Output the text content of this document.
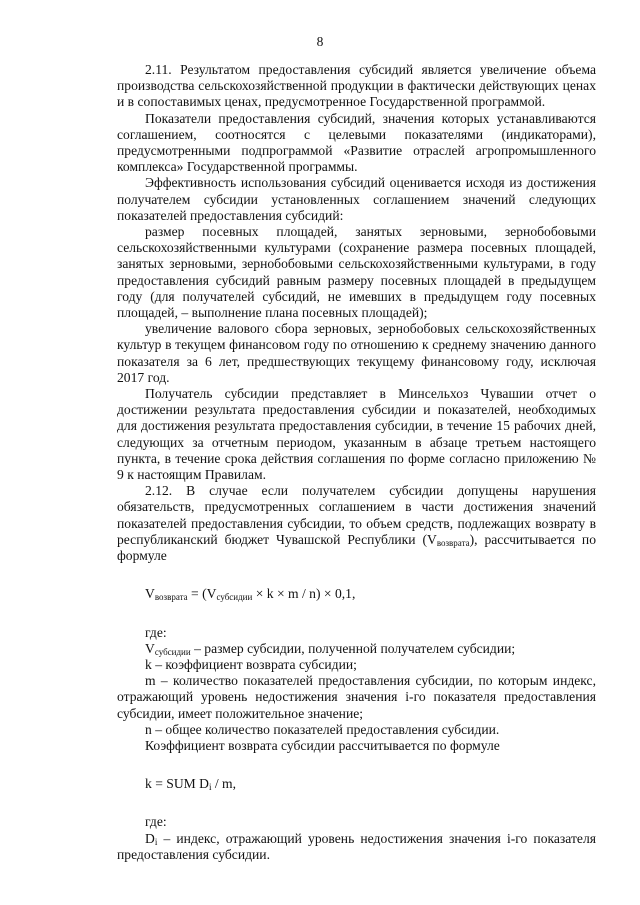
8

2.11. Результатом предоставления субсидий является увеличение объема производства сельскохозяйственной продукции в фактически действующих ценах и в сопоставимых ценах, предусмотренное Государственной программой.

Показатели предоставления субсидий, значения которых устанавливаются соглашением, соотносятся с целевыми показателями (индикаторами), предусмотренными подпрограммой «Развитие отраслей агропромышленного комплекса» Государственной программы.

Эффективность использования субсидий оценивается исходя из достижения получателем субсидии установленных соглашением значений следующих показателей предоставления субсидий:

размер посевных площадей, занятых зерновыми, зернобобовыми сельскохозяйственными культурами (сохранение размера посевных площадей, занятых зерновыми, зернобобовыми сельскохозяйственными культурами, в году предоставления субсидий равным размеру посевных площадей в предыдущем году (для получателей субсидий, не имевших в предыдущем году посевных площадей, – выполнение плана посевных площадей);

увеличение валового сбора зерновых, зернобобовых сельскохозяйственных культур в текущем финансовом году по отношению к среднему значению данного показателя за 6 лет, предшествующих текущему финансовому году, исключая 2017 год.

Получатель субсидии представляет в Минсельхоз Чувашии отчет о достижении результата предоставления субсидии и показателей, необходимых для достижения результата предоставления субсидии, в течение 15 рабочих дней, следующих за отчетным периодом, указанным в абзаце третьем настоящего пункта, в течение срока действия соглашения по форме согласно приложению № 9 к настоящим Правилам.

2.12. В случае если получателем субсидии допущены нарушения обязательств, предусмотренных соглашением в части достижения значений показателей предоставления субсидии, то объем средств, подлежащих возврату в республиканский бюджет Чувашской Республики $(V_{возврата})$, рассчитывается по формуле

$V_{возврата} = (V_{субсидии} \times k \times m / n) \times 0,1$,

где:

$V_{субсидии}$ – размер субсидии, полученной получателем субсидии;

k – коэффициент возврата субсидии;

m – количество показателей предоставления субсидии, по которым индекс, отражающий уровень недостижения значения i-го показателя предоставления субсидии, имеет положительное значение;

n – общее количество показателей предоставления субсидии.

Коэффициент возврата субсидии рассчитывается по формуле

k = SUM $D_i$ / m,

где:

$D_i$ – индекс, отражающий уровень недостижения значения i-го показателя предоставления субсидии.
